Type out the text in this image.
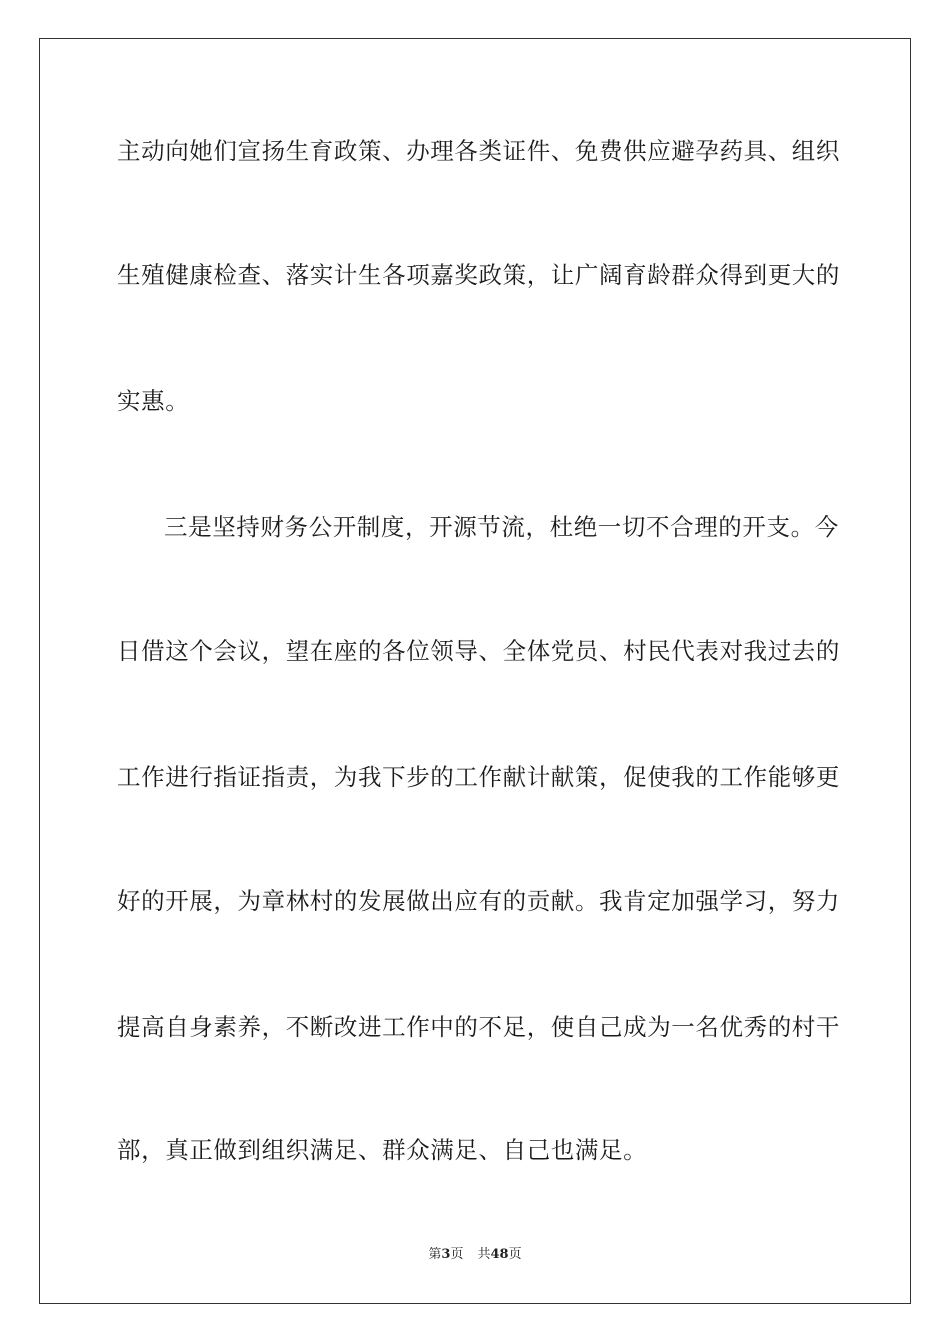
主动向她们宣扬生育政策、办理各类证件、免费供应避孕药具、组织
生殖健康检查、落实计生各项嘉奖政策，让广阔育龄群众得到更大的
实惠。
三是坚持财务公开制度，开源节流，杜绝一切不合理的开支。今
日借这个会议，望在座的各位领导、全体党员、村民代表对我过去的
工作进行指证指责，为我下步的工作献计献策，促使我的工作能够更
好的开展，为章林村的发展做出应有的贡献。我肯定加强学习，努力
提高自身素养，不断改进工作中的不足，使自己成为一名优秀的村干
部，真正做到组织满足、群众满足、自己也满足。
第3页 共48页
